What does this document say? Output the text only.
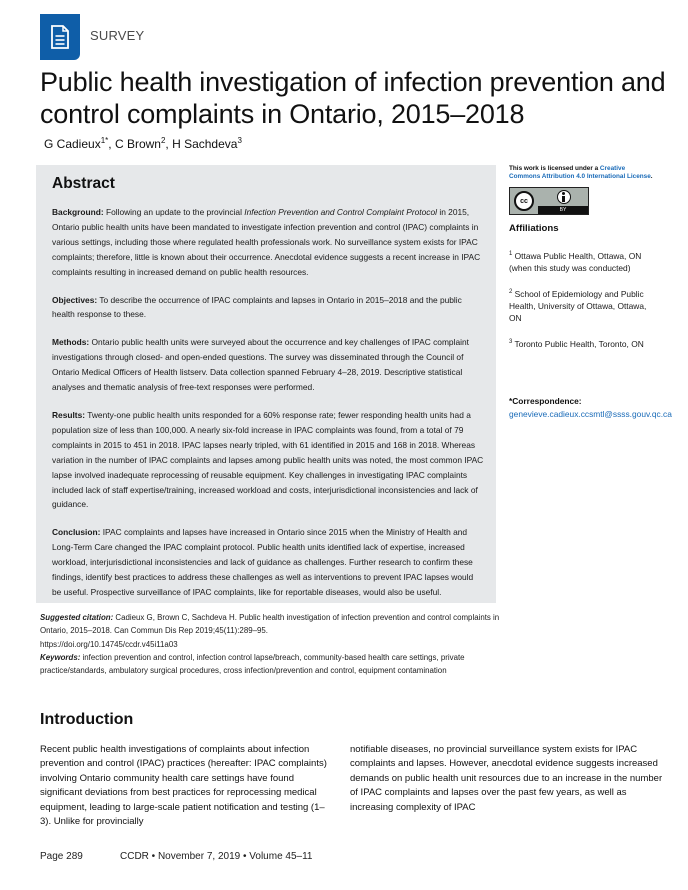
SURVEY
Public health investigation of infection prevention and control complaints in Ontario, 2015–2018
G Cadieux$^{1*}$, C Brown$^2$, H Sachdeva$^3$
Abstract

Background: Following an update to the provincial Infection Prevention and Control Complaint Protocol in 2015, Ontario public health units have been mandated to investigate infection prevention and control (IPAC) complaints in various settings, including those where regulated health professionals work. No surveillance system exists for IPAC complaints; therefore, little is known about their occurrence. Anecdotal evidence suggests a recent increase in IPAC complaints resulting in increased demand on public health resources.

Objectives: To describe the occurrence of IPAC complaints and lapses in Ontario in 2015–2018 and the public health response to these.

Methods: Ontario public health units were surveyed about the occurrence and key challenges of IPAC complaint investigations through closed- and open-ended questions. The survey was disseminated through the Council of Ontario Medical Officers of Health listserv. Data collection spanned February 4–28, 2019. Descriptive statistical analyses and thematic analysis of free-text responses were performed.

Results: Twenty-one public health units responded for a 60% response rate; fewer responding health units had a population size of less than 100,000. A nearly six-fold increase in IPAC complaints was found, from a total of 79 complaints in 2015 to 451 in 2018. IPAC lapses nearly tripled, with 61 identified in 2015 and 168 in 2018. Whereas variation in the number of IPAC complaints and lapses among public health units was noted, the most common IPAC lapse involved inadequate reprocessing of reusable equipment. Key challenges in investigating IPAC complaints included lack of staff expertise/training, increased workload and costs, interjurisdictional inconsistencies and lack of guidance.

Conclusion: IPAC complaints and lapses have increased in Ontario since 2015 when the Ministry of Health and Long-Term Care changed the IPAC complaint protocol. Public health units identified lack of expertise, increased workload, interjurisdictional inconsistencies and lack of guidance as challenges. Further research to confirm these findings, identify best practices to address these challenges as well as interventions to prevent IPAC lapses would be useful. Prospective surveillance of IPAC complaints, like for reportable diseases, would also be useful.

Suggested citation: Cadieux G, Brown C, Sachdeva H. Public health investigation of infection prevention and control complaints in Ontario, 2015–2018. Can Commun Dis Rep 2019;45(11):289–95.
https://doi.org/10.14745/ccdr.v45i11a03
Keywords: infection prevention and control, infection control lapse/breach, community-based health care settings, private practice/standards, ambulatory surgical procedures, cross infection/prevention and control, equipment contamination
This work is licensed under a Creative Commons Attribution 4.0 International License.
cc
BY
Affiliations
$^1$ Ottawa Public Health, Ottawa, ON (when this study was conducted)
$^2$ School of Epidemiology and Public Health, University of Ottawa, Ottawa, ON
$^3$ Toronto Public Health, Toronto, ON
*Correspondence: genevieve.cadieux.ccsmtl@ssss.gouv.qc.ca
Introduction

Recent public health investigations of complaints about infection prevention and control (IPAC) practices (hereafter: IPAC complaints) involving Ontario community health care settings have found significant deviations from best practices for reprocessing medical equipment, leading to large-scale patient notification and testing (1–3). Unlike for provincially

notifiable diseases, no provincial surveillance system exists for IPAC complaints and lapses. However, anecdotal evidence suggests increased demands on public health unit resources due to an increase in the number of IPAC complaints and lapses over the past few years, as well as increasing complexity of IPAC

Page 289	CCDR • November 7, 2019 • Volume 45–11
